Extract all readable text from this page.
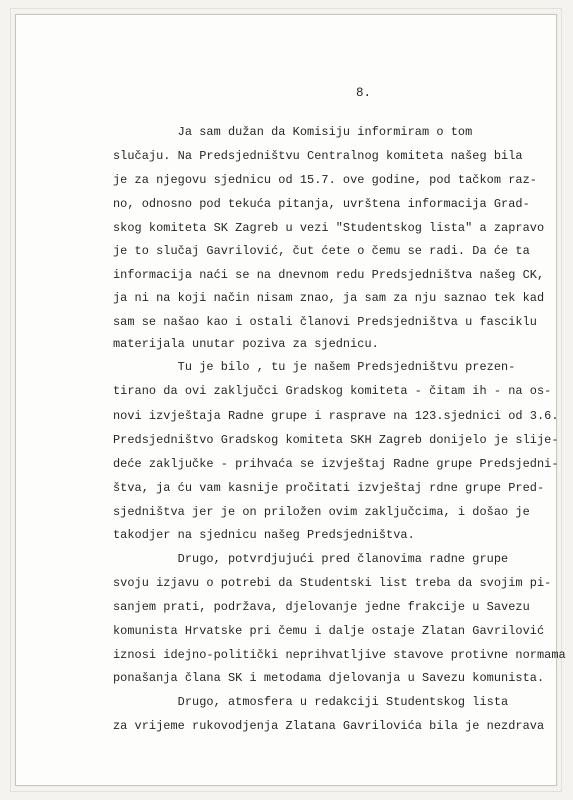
8.
Ja sam dužan da Komisiju informiram o tom
slučaju. Na Predsjedništvu Centralnog komiteta našeg bila
je za njegovu sjednicu od 15.7. ove godine, pod tačkom raz-
no, odnosno pod tekuća pitanja, uvrštena informacija Grad-
skog komiteta SK Zagreb u vezi "Studentskog lista" a zapravo
je to slučaj Gavrilović, čut ćete o čemu se radi. Da će ta
informacija naći se na dnevnom redu Predsjedništva našeg CK,
ja ni na koji način nisam znao, ja sam za nju saznao tek kad
sam se našao kao i ostali članovi Predsjedništva u fasciklu
materijala unutar poziva za sjednicu.
Tu je bilo , tu je našem Predsjedništvu prezen-
tirano da ovi zaključci Gradskog komiteta - čitam ih - na os-
novi izvještaja Radne grupe i rasprave na 123.sjednici od 3.6.
Predsjedništvo Gradskog komiteta SKH Zagreb donijelo je slije-
deće zaključke - prihvaća se izvještaj Radne grupe Predsjedni-
štva, ja ću vam kasnije pročitati izvještaj rdne grupe Pred-
sjedništva jer je on priložen ovim zaključcima, i došao je
takodjer na sjednicu našeg Predsjedništva.
Drugo, potvrdjujući pred članovima radne grupe
svoju izjavu o potrebi da Studentski list treba da svojim pi-
sanjem prati, podržava, djelovanje jedne frakcije u Savezu
komunista Hrvatske pri čemu i dalje ostaje Zlatan Gavrilović
iznosi idejno-politički neprihvatljive stavove protivne normama
ponašanja člana SK i metodama djelovanja u Savezu komunista.
Drugo, atmosfera u redakciji Studentskog lista
za vrijeme rukovodjenja Zlatana Gavrilovića bila je nezdrava
